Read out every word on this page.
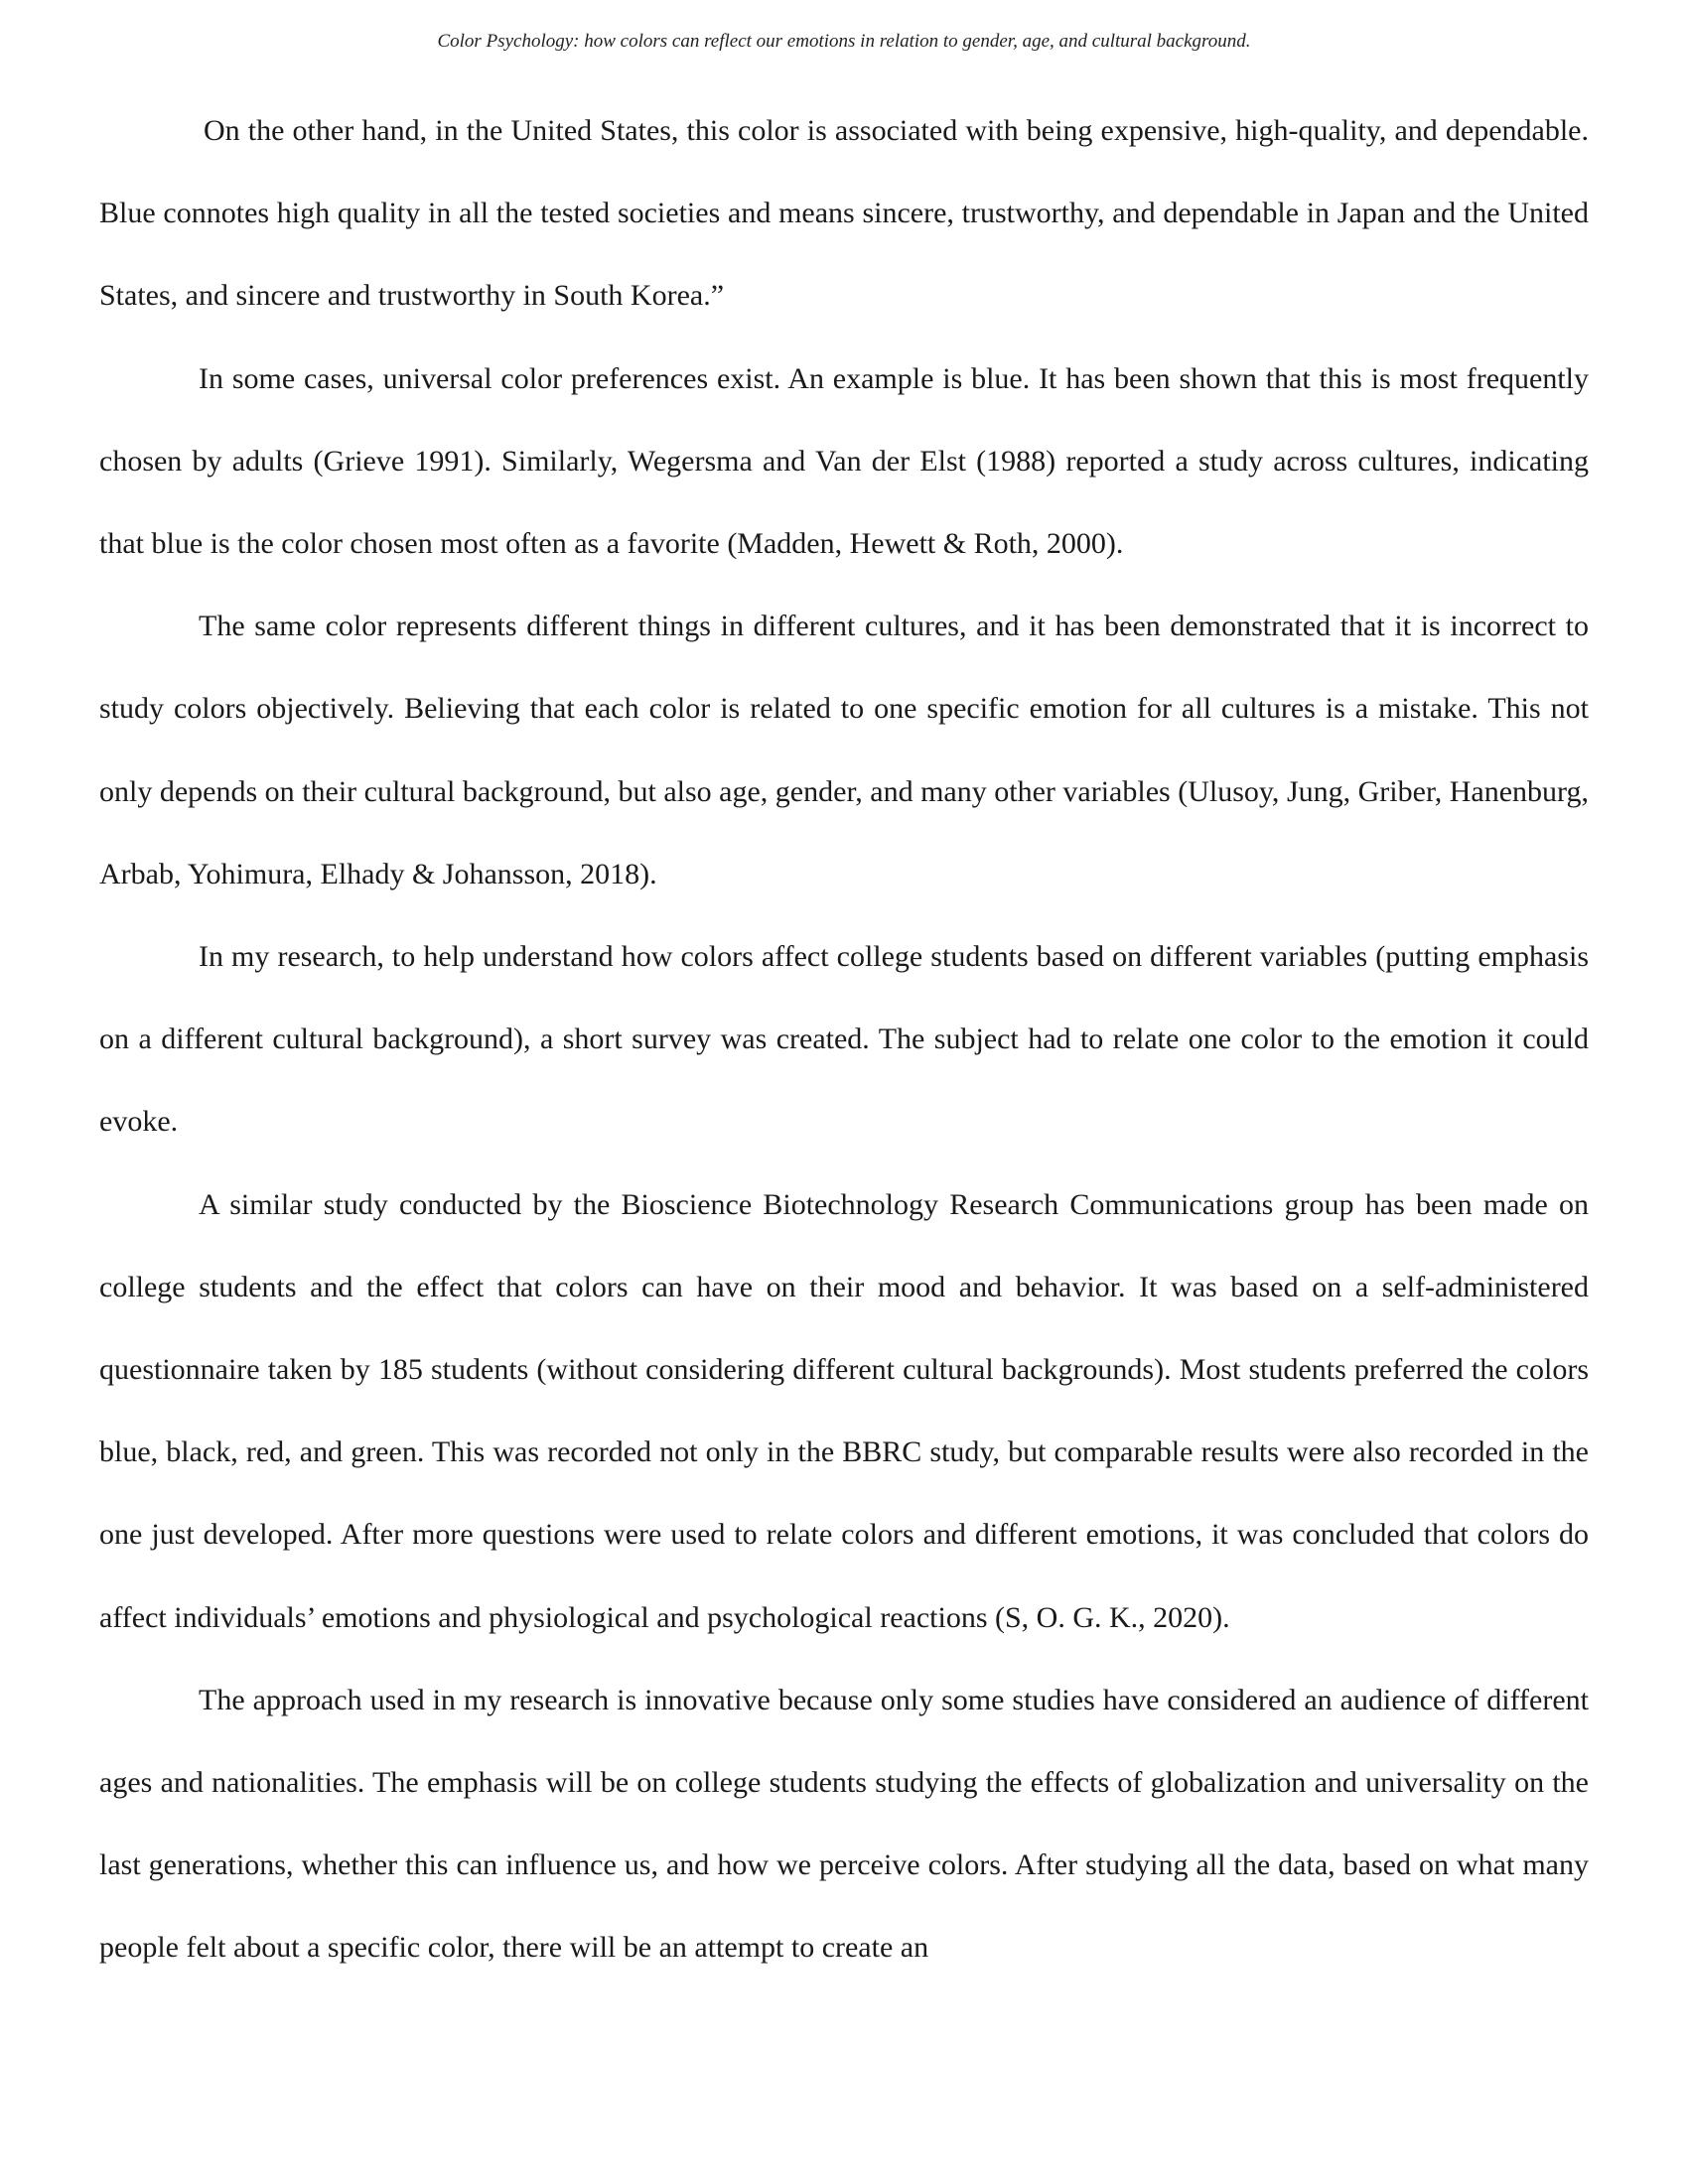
Color Psychology: how colors can reflect our emotions in relation to gender, age, and cultural background.

On the other hand, in the United States, this color is associated with being expensive, high-quality, and dependable. Blue connotes high quality in all the tested societies and means sincere, trustworthy, and dependable in Japan and the United States, and sincere and trustworthy in South Korea.”

In some cases, universal color preferences exist. An example is blue. It has been shown that this is most frequently chosen by adults (Grieve 1991). Similarly, Wegersma and Van der Elst (1988) reported a study across cultures, indicating that blue is the color chosen most often as a favorite (Madden, Hewett & Roth, 2000).

The same color represents different things in different cultures, and it has been demonstrated that it is incorrect to study colors objectively. Believing that each color is related to one specific emotion for all cultures is a mistake. This not only depends on their cultural background, but also age, gender, and many other variables (Ulusoy, Jung, Griber, Hanenburg, Arbab, Yohimura, Elhady & Johansson, 2018).

In my research, to help understand how colors affect college students based on different variables (putting emphasis on a different cultural background), a short survey was created. The subject had to relate one color to the emotion it could evoke.

A similar study conducted by the Bioscience Biotechnology Research Communications group has been made on college students and the effect that colors can have on their mood and behavior. It was based on a self-administered questionnaire taken by 185 students (without considering different cultural backgrounds). Most students preferred the colors blue, black, red, and green. This was recorded not only in the BBRC study, but comparable results were also recorded in the one just developed. After more questions were used to relate colors and different emotions, it was concluded that colors do affect individuals’ emotions and physiological and psychological reactions (S, O. G. K., 2020).

The approach used in my research is innovative because only some studies have considered an audience of different ages and nationalities. The emphasis will be on college students studying the effects of globalization and universality on the last generations, whether this can influence us, and how we perceive colors. After studying all the data, based on what many people felt about a specific color, there will be an attempt to create an
